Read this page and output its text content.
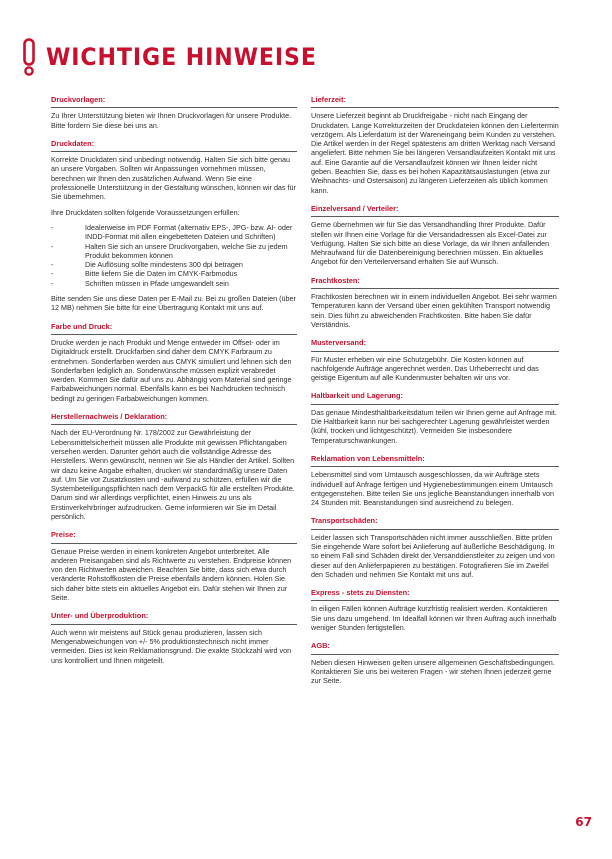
WICHTIGE HINWEISE
Druckvorlagen:

Zu Ihrer Unterstützung bieten wir Ihnen Druckvorlagen für unsere Produkte. Bitte fordern Sie diese bei uns an.

Druckdaten:

Korrekte Druckdaten sind unbedingt notwendig. Halten Sie sich bitte genau an unsere Vorgaben. Sollten wir Anpassungen vornehmen müssen, berechnen wir Ihnen den zusätzlichen Aufwand. Wenn Sie eine professionelle Unterstützung in der Gestaltung wünschen, können wir das für Sie übernehmen.

Ihre Druckdaten sollten folgende Voraussetzungen erfüllen:

-	Idealerweise im PDF Format (alternativ EPS-, JPG- bzw. AI- oder INDD-Format mit allen eingebetteten Dateien und Schriften)
-	Halten Sie sich an unsere Druckvorgaben, welche Sie zu jedem Produkt bekommen können
-	Die Auflösung sollte mindestens 300 dpi betragen
-	Bitte liefern Sie die Daten im CMYK-Farbmodus
-	Schriften müssen in Pfade umgewandelt sein

Bitte senden Sie uns diese Daten per E-Mail zu. Bei zu großen Dateien (über 12 MB) nehmen Sie bitte für eine Übertragung Kontakt mit uns auf.

Farbe und Druck:

Drucke werden je nach Produkt und Menge entweder im Offset- oder im Digitaldruck erstellt. Druckfarben sind daher dem CMYK Farbraum zu entnehmen. Sonderfarben werden aus CMYK simuliert und lehnen sich den Sonderfarben lediglich an. Sonderwünsche müssen explizit verabredet werden. Kommen Sie dafür auf uns zu. Abhängig vom Material sind geringe Farbabweichungen normal. Ebenfalls kann es bei Nachdrucken technisch bedingt zu geringen Farbabweichungen kommen.

Herstellernachweis / Deklaration:

Nach der EU-Verordnung Nr. 178/2002 zur Gewährleistung der Lebensmittelsicherheit müssen alle Produkte mit gewissen Pflichtangaben versehen werden. Darunter gehört auch die vollständige Adresse des Herstellers. Wenn gewünscht, nennen wir Sie als Händler der Artikel. Sollten wir dazu keine Angabe erhalten, drucken wir standardmäßig unsere Daten auf. Um Sie vor Zusatzkosten und -aufwand zu schützen, erfüllen wir die Systembeteiligungspflichten nach dem VerpackG für alle erstellten Produkte. Darum sind wir allerdings verpflichtet, einen Hinweis zu uns als Erstinverkehrbringer aufzudrucken. Gerne informieren wir Sie im Detail persönlich.

Preise:

Genaue Preise werden in einem konkreten Angebot unterbreitet. Alle anderen Preisangaben sind als Richtwerte zu verstehen. Endpreise können von den Richtwerten abweichen. Beachten Sie bitte, dass sich etwa durch veränderte Rohstoffkosten die Preise ebenfalls ändern können. Holen Sie sich daher bitte stets ein aktuelles Angebot ein. Dafür stehen wir Ihnen zur Seite.

Unter- und Überproduktion:

Auch wenn wir meistens auf Stück genau produzieren, lassen sich Mengenabweichungen von +/- 5% produktionstechnisch nicht immer vermeiden. Dies ist kein Reklamationsgrund. Die exakte Stückzahl wird von uns kontrolliert und Ihnen mitgeteilt.

Lieferzeit:

Unsere Lieferzeit beginnt ab Druckfreigabe - nicht nach Eingang der Druckdaten. Lange Korrekturzeiten der Druckdateien können den Liefertermin verzögern. Als Lieferdatum ist der Wareneingang beim Kunden zu verstehen. Die Artikel werden in der Regel spätestens am dritten Werktag nach Versand angeliefert. Bitte nehmen Sie bei längeren Versandlaufzeiten Kontakt mit uns auf. Eine Garantie auf die Versandlaufzeit können wir Ihnen leider nicht geben. Beachten Sie, dass es bei hohen Kapazitätsauslastungen (etwa zur Weihnachts- und Ostersaison) zu längeren Lieferzeiten als üblich kommen kann.

Einzelversand / Verteiler:

Gerne übernehmen wir für Sie das Versandhandling Ihrer Produkte. Dafür stellen wir Ihnen eine Vorlage für die Versandadressen als Excel-Datei zur Verfügung. Halten Sie sich bitte an diese Vorlage, da wir Ihnen anfallenden Mehraufwand für die Datenbereinigung berechnen müssen. Ein aktuelles Angebot für den Verteilerversand erhalten Sie auf Wunsch.

Frachtkosten:

Frachtkosten berechnen wir in einem individuellen Angebot. Bei sehr warmen Temperaturen kann der Versand über einen gekühlten Transport notwendig sein. Dies führt zu abweichenden Frachtkosten. Bitte haben Sie dafür Verständnis.

Musterversand:

Für Muster erheben wir eine Schutzgebühr. Die Kosten können auf nachfolgende Aufträge angerechnet werden. Das Urheberrecht und das geistige Eigentum auf alle Kundenmuster behalten wir uns vor.

Haltbarkeit und Lagerung:

Das genaue Mindesthaltbarkeitsdatum teilen wir Ihnen gerne auf Anfrage mit. Die Haltbarkeit kann nur bei sachgerechter Lagerung gewährleistet werden (kühl, trocken und lichtgeschützt). Vermeiden Sie insbesondere Temperaturschwankungen.

Reklamation von Lebensmitteln:

Lebensmittel sind vom Umtausch ausgeschlossen, da wir Aufträge stets individuell auf Anfrage fertigen und Hygienebestimmungen einem Umtausch entgegenstehen. Bitte teilen Sie uns jegliche Beanstandungen innerhalb von 24 Stunden mit. Beanstandungen sind ausreichend zu belegen.

Transportschäden:

Leider lassen sich Transportschäden nicht immer ausschließen. Bitte prüfen Sie eingehende Ware sofort bei Anlieferung auf äußerliche Beschädigung. In so einem Fall sind Schäden direkt der Versanddienstleiter zu zeigen und von dieser auf den Anlieferpapieren zu bestätigen. Fotografieren Sie im Zweifel den Schaden und nehmen Sie Kontakt mit uns auf.

Express - stets zu Diensten:

In eiligen Fällen können Aufträge kurzfristig realisiert werden. Kontaktieren Sie uns dazu umgehend. Im Idealfall können wir Ihren Auftrag auch innerhalb weniger Stunden fertigstellen.

AGB:

Neben diesen Hinweisen gelten unsere allgemeinen Geschäftsbedingungen. Kontaktieren Sie uns bei weiteren Fragen - wir stehen Ihnen jederzeit gerne zur Seite.

67
